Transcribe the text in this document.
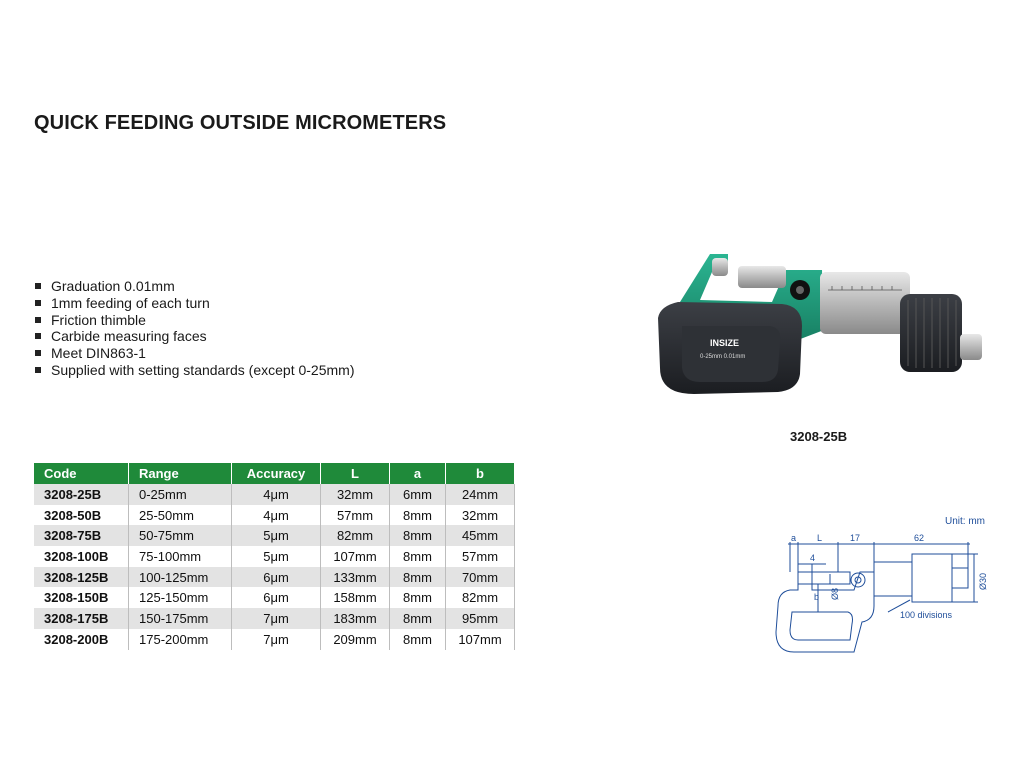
QUICK FEEDING OUTSIDE MICROMETERS
Graduation 0.01mm
1mm feeding of each turn
Friction thimble
Carbide measuring faces
Meet DIN863-1
Supplied with setting standards (except 0-25mm)
INSIZE
0-25mm 0.01mm
3208-25B
Code	Range	Accuracy	L	a	b
3208-25B	0-25mm	4μm	32mm	6mm	24mm
3208-50B	25-50mm	4μm	57mm	8mm	32mm
3208-75B	50-75mm	5μm	82mm	8mm	45mm
3208-100B	75-100mm	5μm	107mm	8mm	57mm
3208-125B	100-125mm	6μm	133mm	8mm	70mm
3208-150B	125-150mm	6μm	158mm	8mm	82mm
3208-175B	150-175mm	7μm	183mm	8mm	95mm
3208-200B	175-200mm	7μm	209mm	8mm	107mm
Unit: mm
a L	17	62
4
Ø8
b
Ø30
100 divisions
